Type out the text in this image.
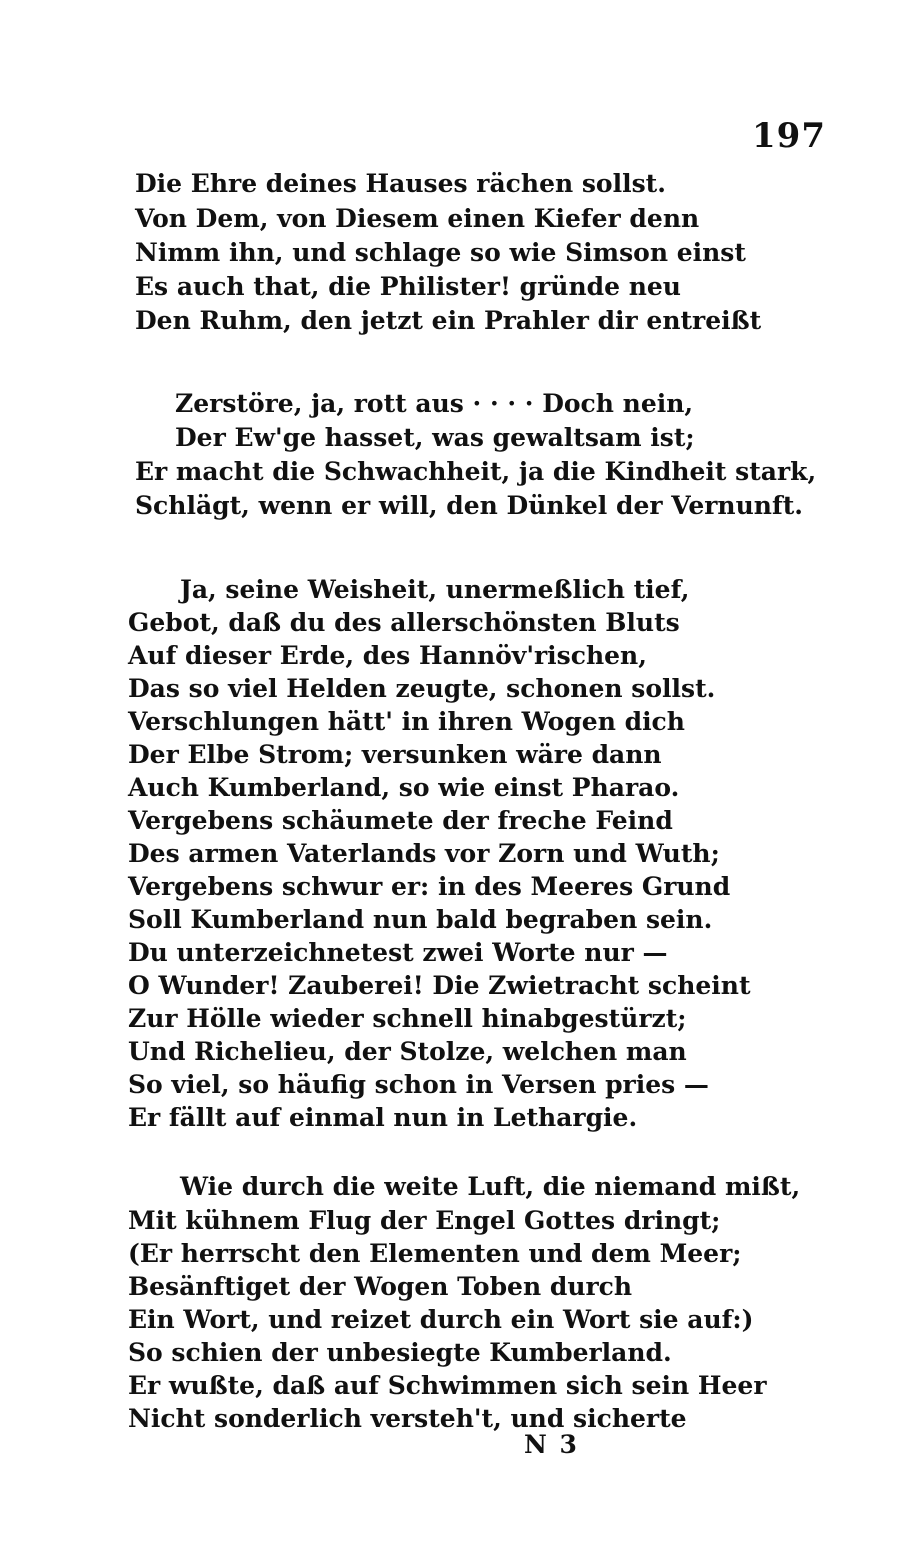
197
Die Ehre deines Hauses rächen sollst.
Von Dem, von Diesem einen Kiefer denn
Nimm ihn, und schlage so wie Simson einst
Es auch that, die Philister! gründe neu
Den Ruhm, den jetzt ein Prahler dir entreißt
Zerstöre, ja, rott aus · · · · Doch nein,
Der Ew'ge hasset, was gewaltsam ist;
Er macht die Schwachheit, ja die Kindheit stark,
Schlägt, wenn er will, den Dünkel der Vernunft.
Ja, seine Weisheit, unermeßlich tief,
Gebot, daß du des allerschönsten Bluts
Auf dieser Erde, des Hannöv'rischen,
Das so viel Helden zeugte, schonen sollst.
Verschlungen hätt' in ihren Wogen dich
Der Elbe Strom; versunken wäre dann
Auch Kumberland, so wie einst Pharao.
Vergebens schäumete der freche Feind
Des armen Vaterlands vor Zorn und Wuth;
Vergebens schwur er: in des Meeres Grund
Soll Kumberland nun bald begraben sein.
Du unterzeichnetest zwei Worte nur —
O Wunder! Zauberei! Die Zwietracht scheint
Zur Hölle wieder schnell hinabgestürzt;
Und Richelieu, der Stolze, welchen man
So viel, so häufig schon in Versen pries —
Er fällt auf einmal nun in Lethargie.
Wie durch die weite Luft, die niemand mißt,
Mit kühnem Flug der Engel Gottes dringt;
(Er herrscht den Elementen und dem Meer;
Besänftiget der Wogen Toben durch
Ein Wort, und reizet durch ein Wort sie auf:)
So schien der unbesiegte Kumberland.
Er wußte, daß auf Schwimmen sich sein Heer
Nicht sonderlich versteh't, und sicherte
N 3
